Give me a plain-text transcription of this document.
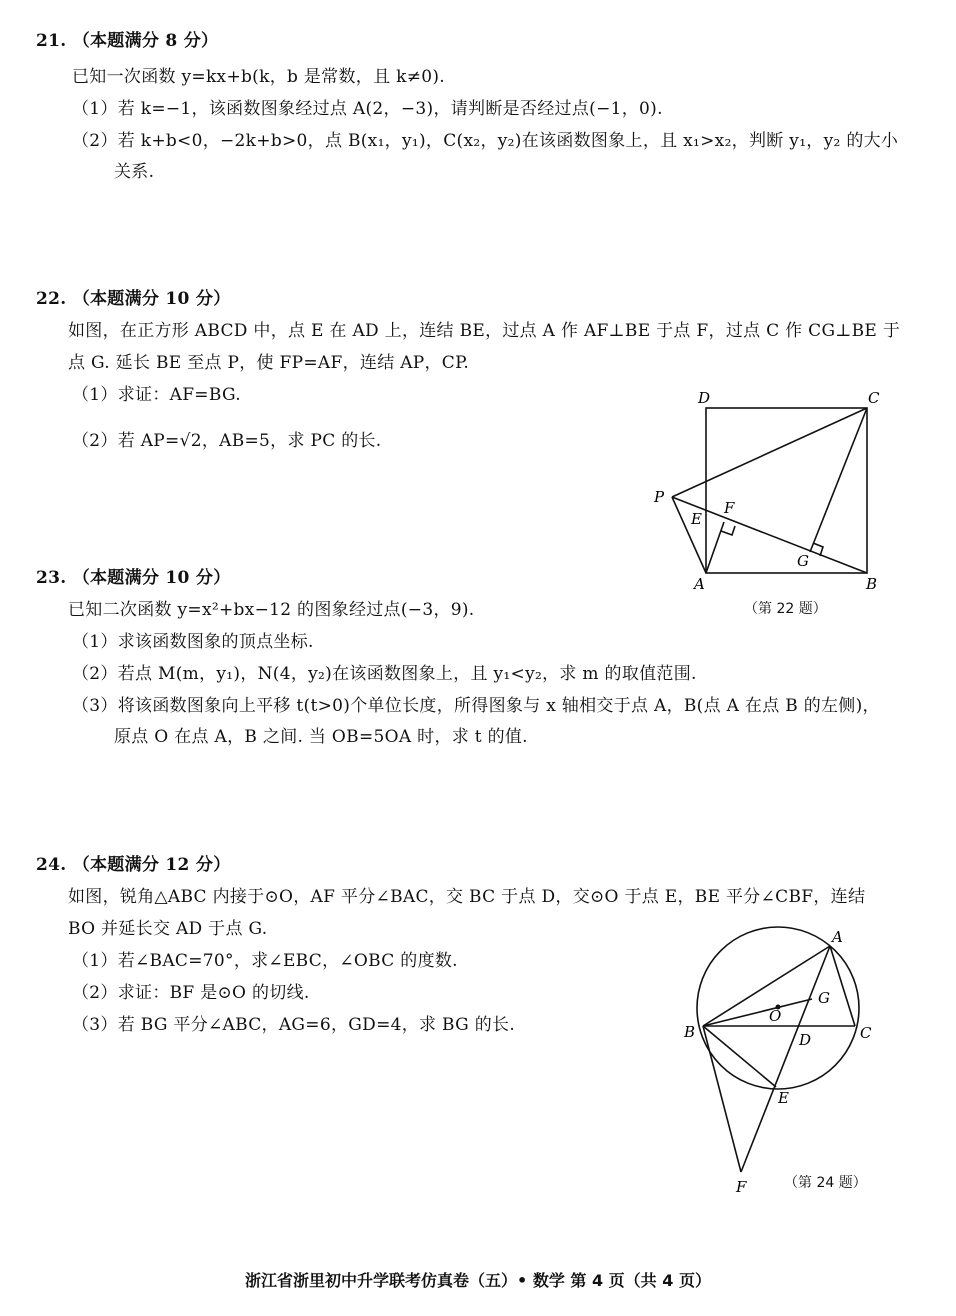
21. （本题满分 8 分）
已知一次函数 y=kx+b(k，b 是常数，且 k≠0).
（1）若 k=−1，该函数图象经过点 A(2，−3)，请判断是否经过点(−1，0).
（2）若 k+b<0，−2k+b>0，点 B(x₁，y₁)，C(x₂，y₂)在该函数图象上，且 x₁>x₂，判断 y₁，y₂ 的大小
关系.
22. （本题满分 10 分）
如图，在正方形 ABCD 中，点 E 在 AD 上，连结 BE，过点 A 作 AF⊥BE 于点 F，过点 C 作 CG⊥BE 于
点 G. 延长 BE 至点 P，使 FP=AF，连结 AP，CP.
（1）求证：AF=BG.
（2）若 AP=√2，AB=5，求 PC 的长.
D	C
P
F
E
G
A	B
（第 22 题）
23. （本题满分 10 分）
已知二次函数 y=x²+bx−12 的图象经过点(−3，9).
（1）求该函数图象的顶点坐标.
（2）若点 M(m，y₁)，N(4，y₂)在该函数图象上，且 y₁<y₂，求 m 的取值范围.
（3）将该函数图象向上平移 t(t>0)个单位长度，所得图象与 x 轴相交于点 A，B(点 A 在点 B 的左侧)，
原点 O 在点 A，B 之间. 当 OB=5OA 时，求 t 的值.
24. （本题满分 12 分）
如图，锐角△ABC 内接于⊙O，AF 平分∠BAC，交 BC 于点 D，交⊙O 于点 E，BE 平分∠CBF，连结
BO 并延长交 AD 于点 G.
（1）若∠BAC=70°，求∠EBC，∠OBC 的度数.
（2）求证：BF 是⊙O 的切线.
（3）若 BG 平分∠ABC，AG=6，GD=4，求 BG 的长.
A
G
O
B	C
D
E
F	（第 24 题）
浙江省浙里初中升学联考仿真卷（五）• 数学 第 4 页（共 4 页）
